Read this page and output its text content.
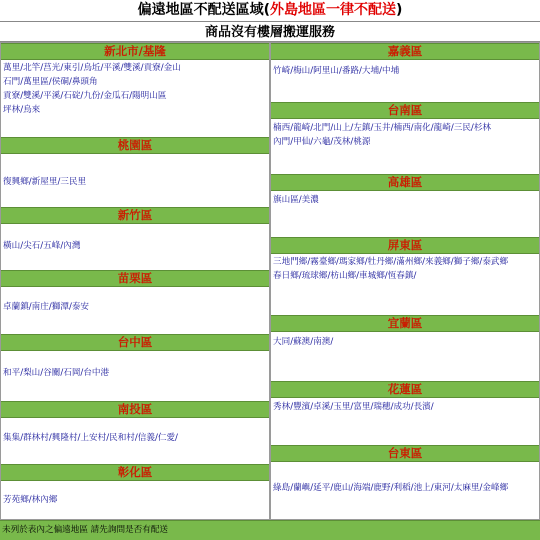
偏遠地區不配送區域(外島地區一律不配送)
商品沒有樓層搬運服務
新北市/基隆
萬里/北竿/莒光/東引/烏坵/平溪/雙溪/貢寮/金山
石門/萬里區/侯硐/鼻頭角
貢寮/雙溪/平溪/石碇/九份/金瓜石/陽明山區
坪林/烏來
桃園區
復興鄉/新屋里/三民里
新竹區
橫山/尖石/五峰/內灣
苗栗區
卓蘭鎮/南庄/獅潭/泰安
台中區
和平/梨山/谷關/石岡/台中港
南投區
集集/群林村/興隆村/上安村/民和村/信義/仁愛/
彰化區
芳苑鄉/林內鄉
嘉義區
竹崎/梅山/阿里山/番路/大埔/中埔
台南區
楠西/龍崎/北門/山上/左鎮/玉井/楠西/南化/龍崎/三民/杉林
內門/甲仙/六龜/茂林/桃源
高雄區
旗山區/美濃
屏東區
三地門鄉/霧臺鄉/瑪家鄉/牡丹鄉/滿州鄉/來義鄉/獅子鄉/泰武鄉
春日鄉/琉球鄉/枋山鄉/車城鄉/恆春鎮/
宜蘭區
大同/蘇澳/南澳/
花蓮區
秀林/豐濱/卓溪/玉里/富里/瑞穗/成功/長濱/
台東區
綠島/蘭嶼/延平/鹿山/海端/鹿野/利稻/池上/東河/太麻里/金峰鄉
未列於表內之偏遠地區 請先詢問是否有配送
